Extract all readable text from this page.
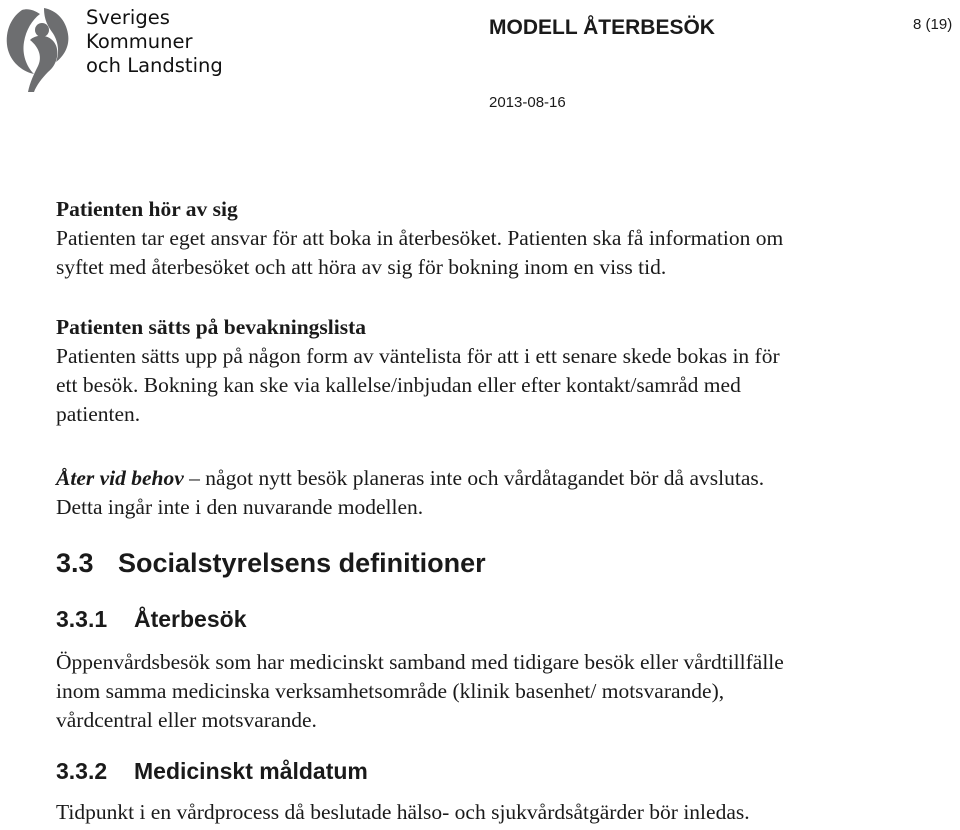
Sveriges
Kommuner
och Landsting
MODELL ÅTERBESÖK	8 (19)
2013-08-16

Patienten hör av sig

Patienten tar eget ansvar för att boka in återbesöket. Patienten ska få information om

syftet med återbesöket och att höra av sig för bokning inom en viss tid.

Patienten sätts på bevakningslista

Patienten sätts upp på någon form av väntelista för att i ett senare skede bokas in för

ett besök. Bokning kan ske via kallelse/inbjudan eller efter kontakt/samråd med

patienten.

Åter vid behov – något nytt besök planeras inte och vårdåtagandet bör då avslutas.

Detta ingår inte i den nuvarande modellen.

3.3 Socialstyrelsens definitioner

3.3.1 Återbesök

Öppenvårdsbesök som har medicinskt samband med tidigare besök eller vårdtillfälle

inom samma medicinska verksamhetsområde (klinik basenhet/ motsvarande),

vårdcentral eller motsvarande.

3.3.2 Medicinskt måldatum

Tidpunkt i en vårdprocess då beslutade hälso- och sjukvårdsåtgärder bör inledas.
